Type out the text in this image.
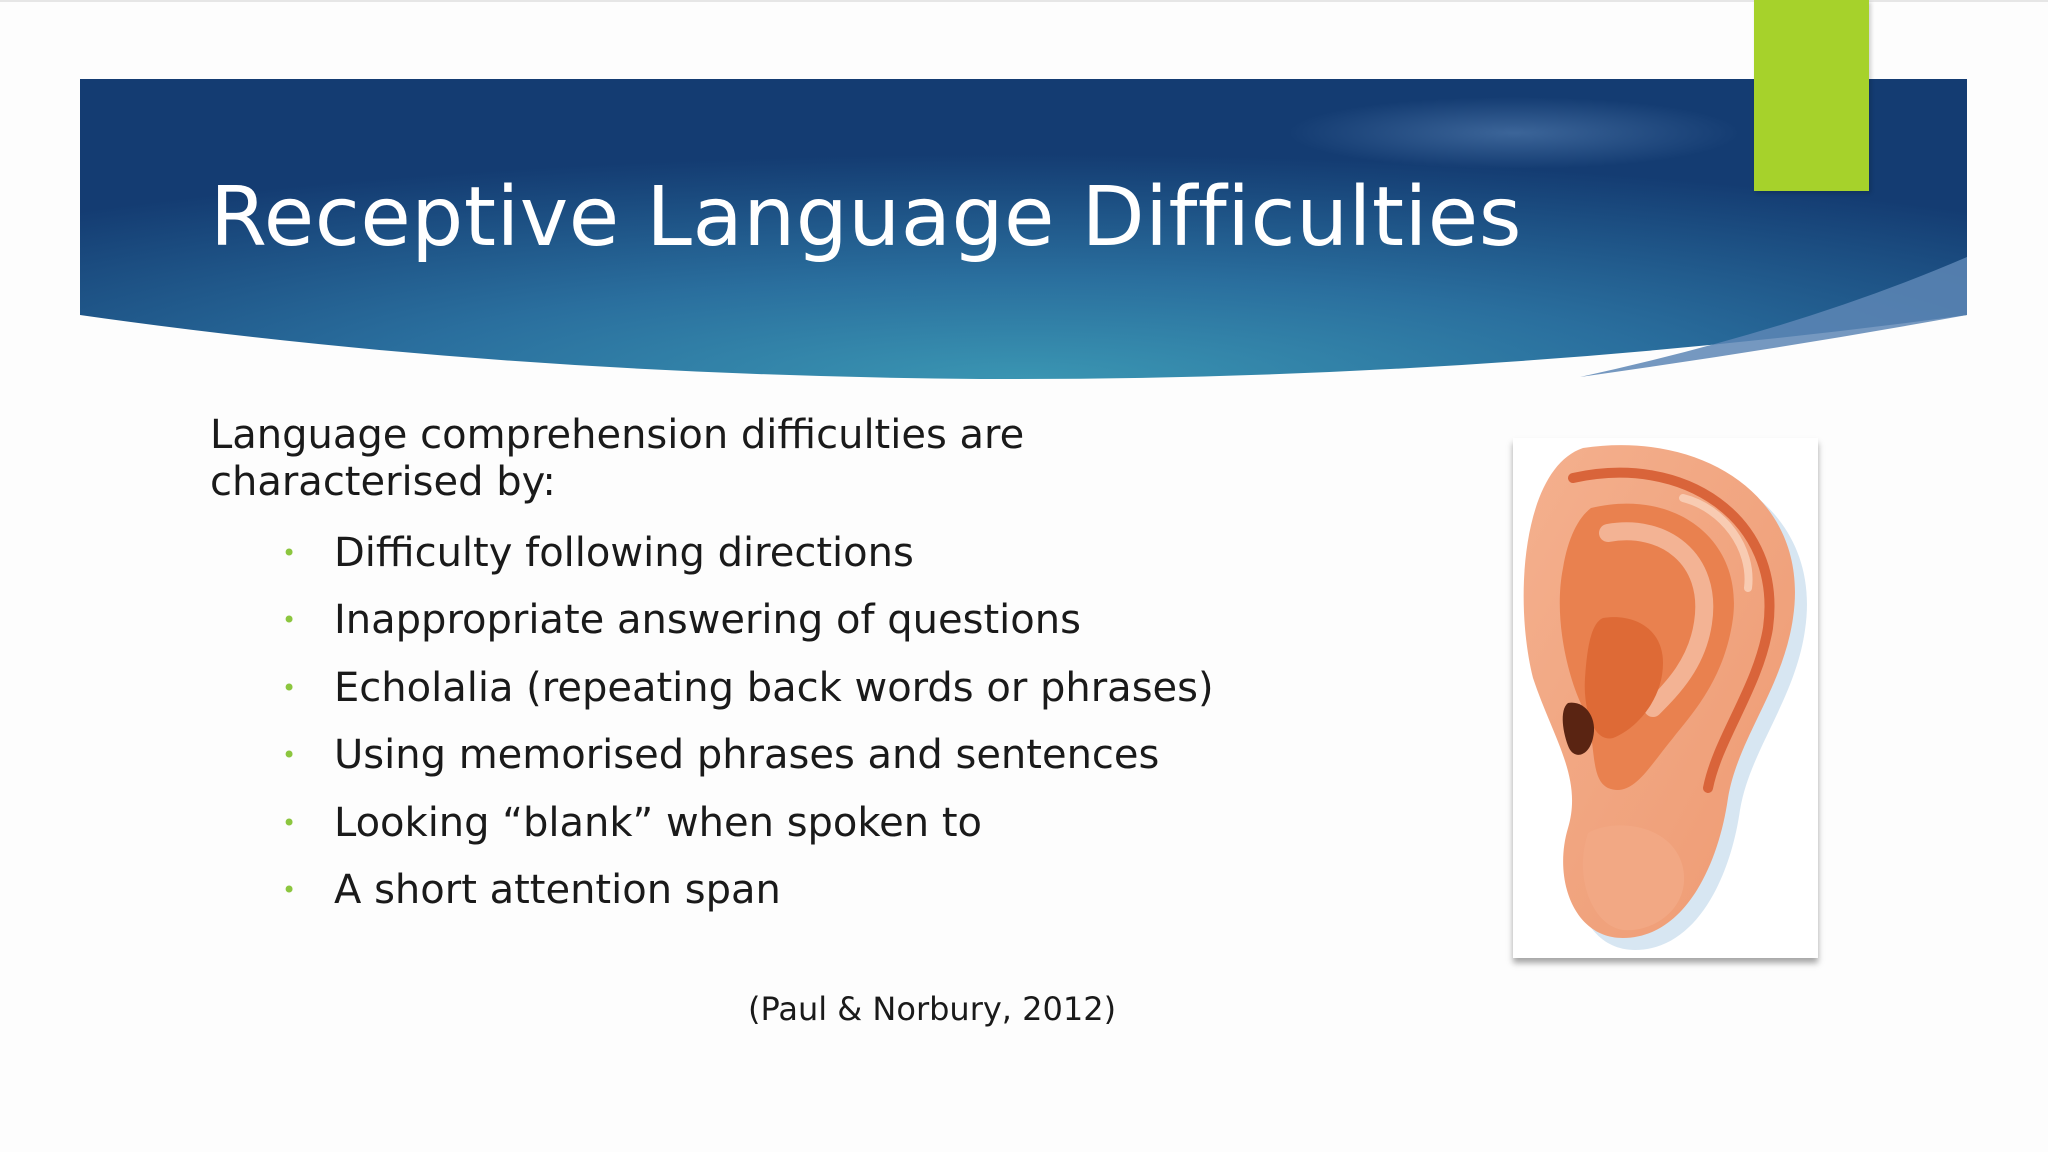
Receptive Language Difficulties

Language comprehension difficulties are characterised by:

• Difficulty following directions
• Inappropriate answering of questions
• Echolalia (repeating back words or phrases)
• Using memorised phrases and sentences
• Looking “blank” when spoken to
• A short attention span

(Paul & Norbury, 2012)
